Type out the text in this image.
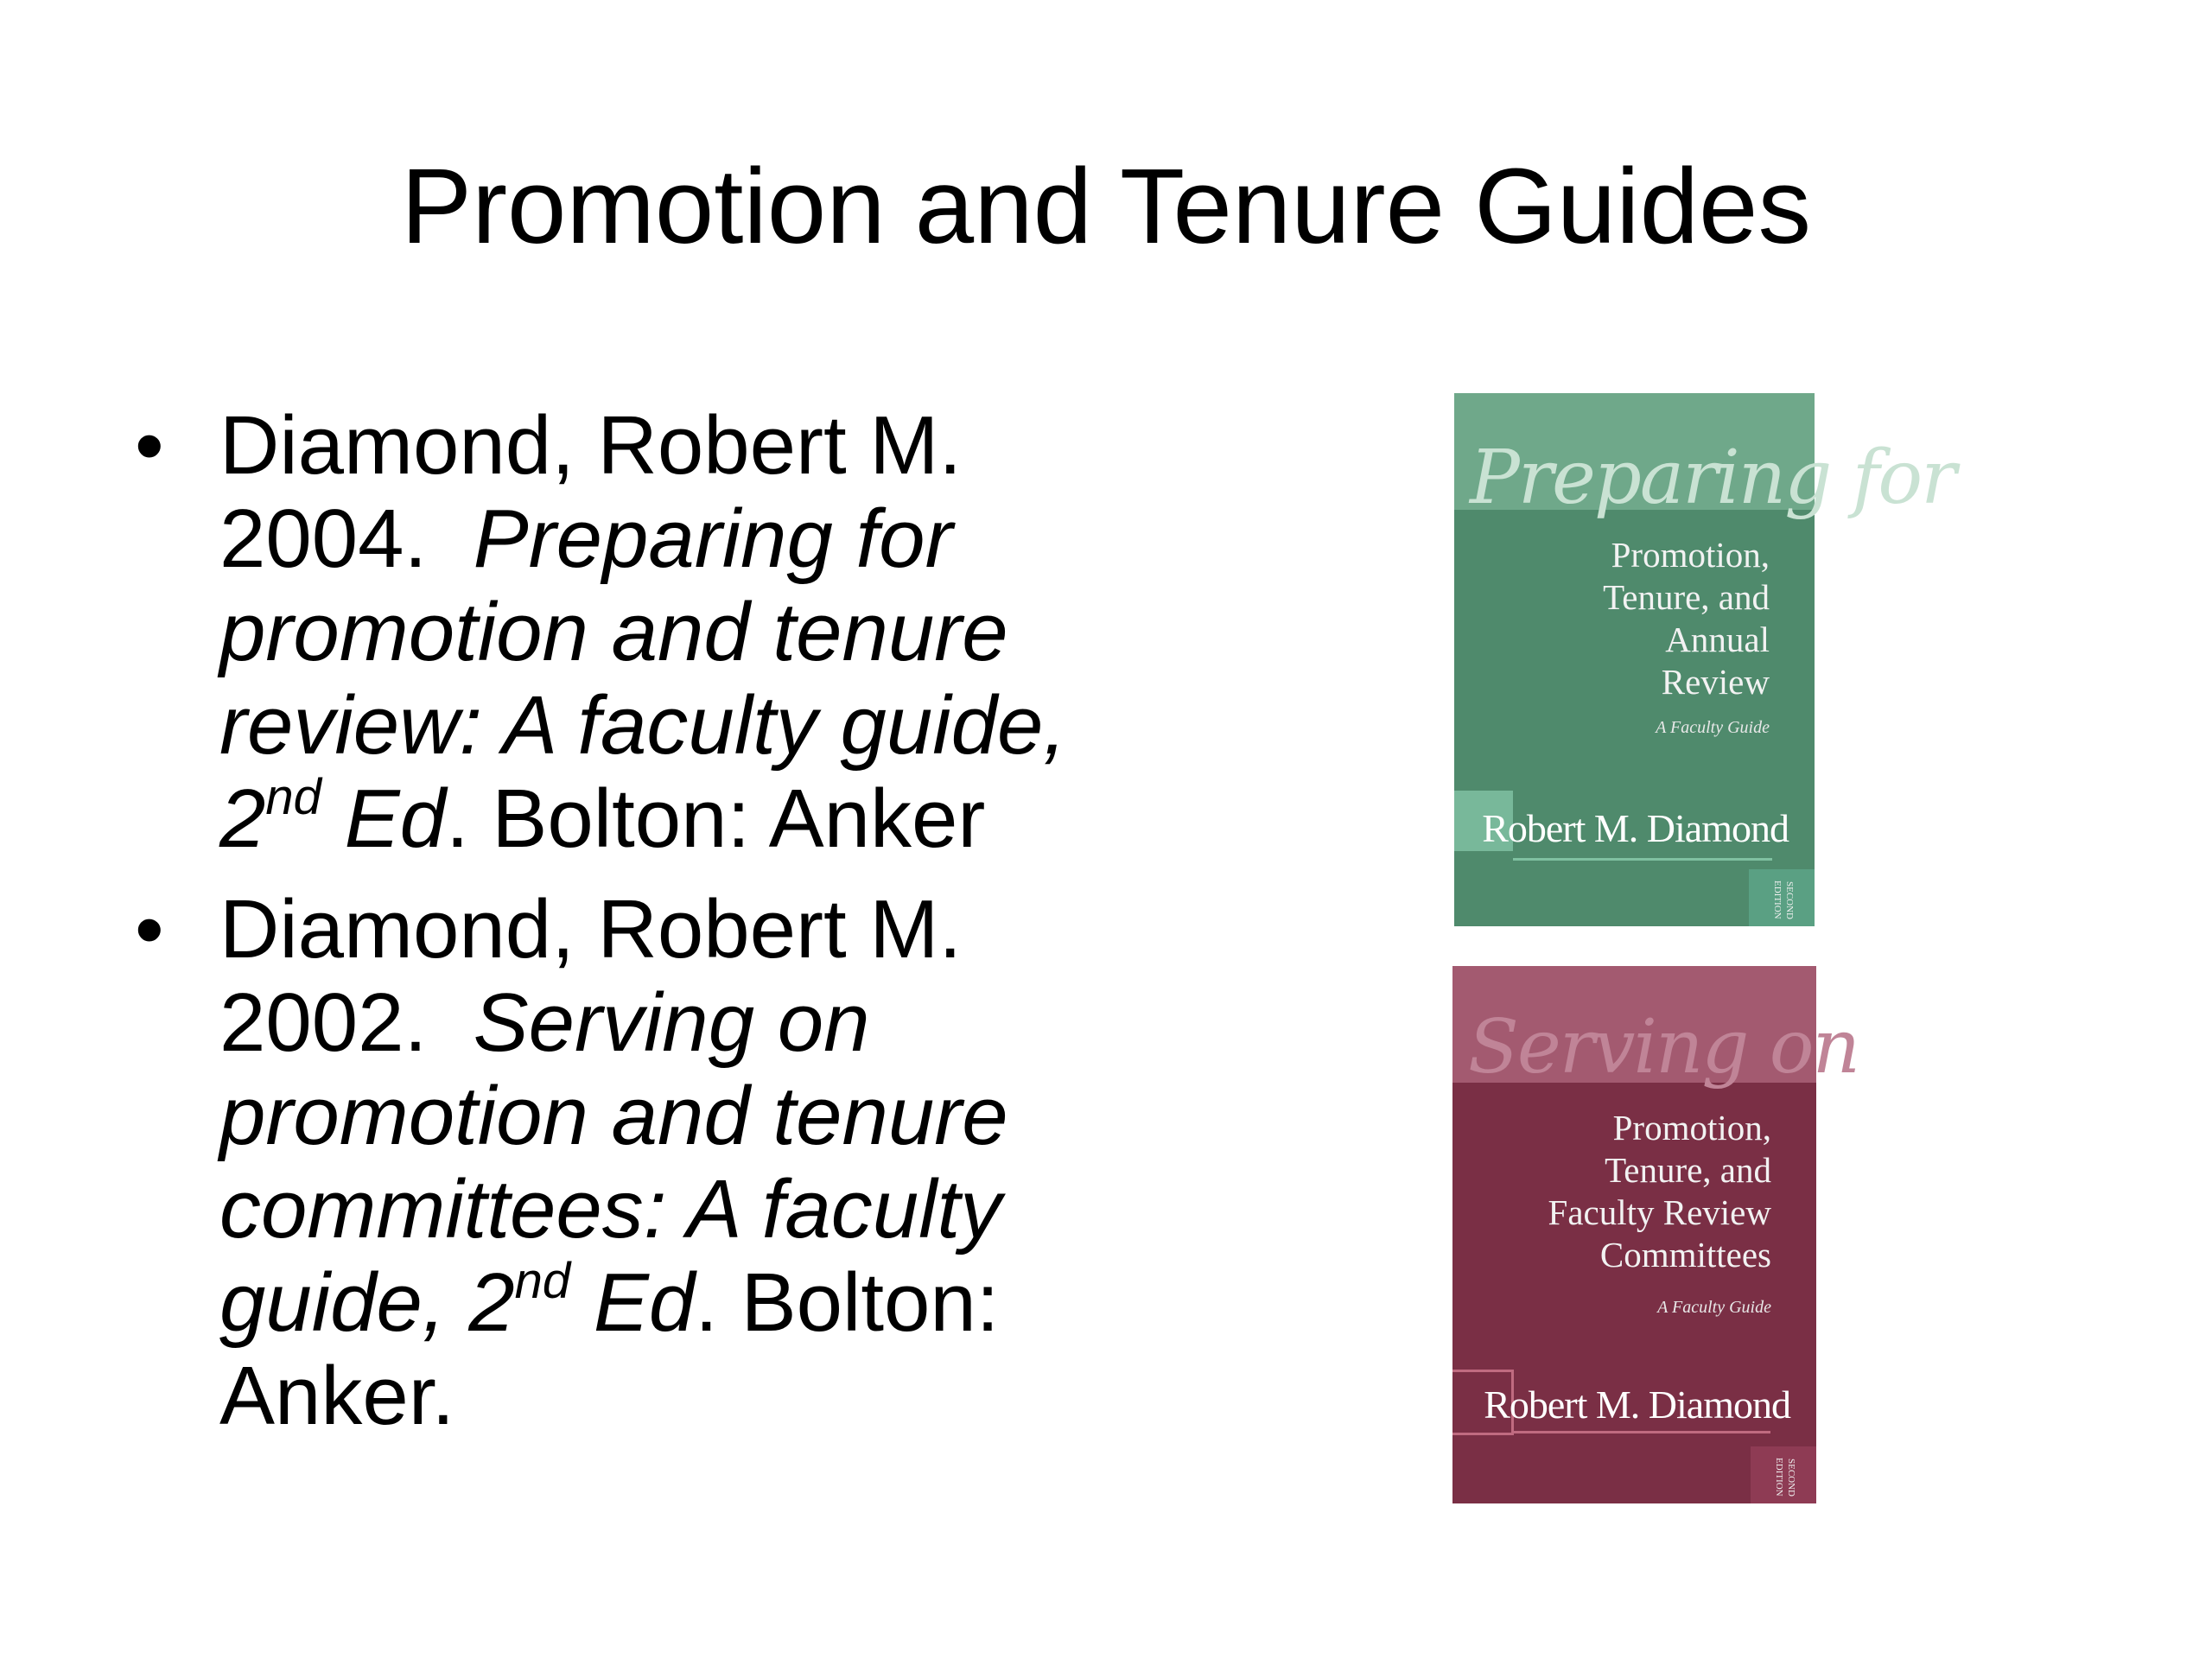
Promotion and Tenure Guides
• Diamond, Robert M. 2004. Preparing for promotion and tenure review: A faculty guide, 2nd Ed. Bolton: Anker
• Diamond, Robert M. 2002. Serving on promotion and tenure committees: A faculty guide, 2nd Ed. Bolton: Anker.
Preparing for
Promotion,
Tenure, and
Annual
Review
A Faculty Guide
Robert M. Diamond
SECOND
EDITION
Serving on
Promotion,
Tenure, and
Faculty Review
Committees
A Faculty Guide
Robert M. Diamond
SECOND
EDITION
